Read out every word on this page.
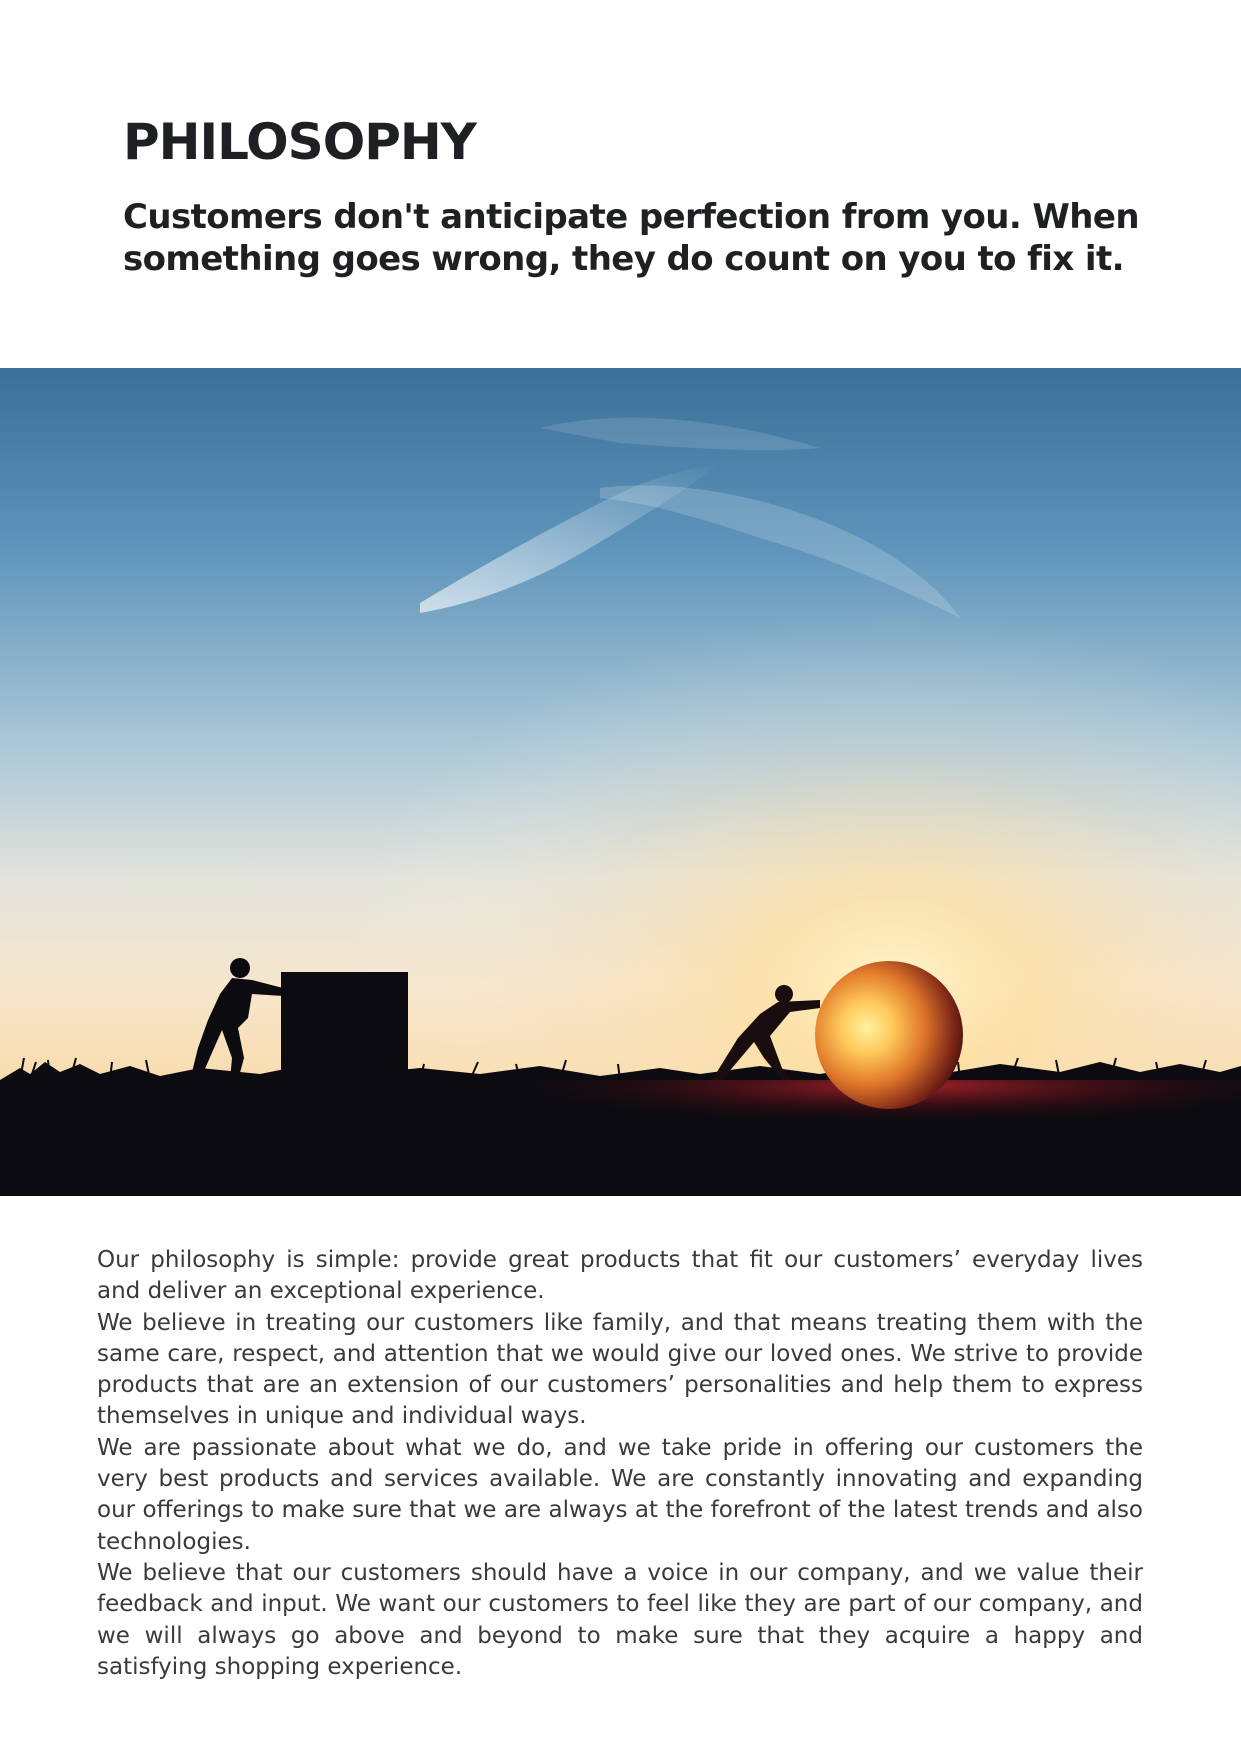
PHILOSOPHY
Customers don't anticipate perfection from you. When something goes wrong, they do count on you to fix it.

Our philosophy is simple: provide great products that fit our customers’ everyday lives and deliver an exceptional experience.

We believe in treating our customers like family, and that means treating them with the same care, respect, and attention that we would give our loved ones. We strive to provide products that are an extension of our customers’ personalities and help them to express themselves in unique and individual ways.

We are passionate about what we do, and we take pride in offering our customers the very best products and services available. We are constantly innovating and expanding our offerings to make sure that we are always at the forefront of the latest trends and also technologies.

We believe that our customers should have a voice in our company, and we value their feedback and input. We want our customers to feel like they are part of our company, and we will always go above and beyond to make sure that they acquire a happy and satisfying shopping experience.
